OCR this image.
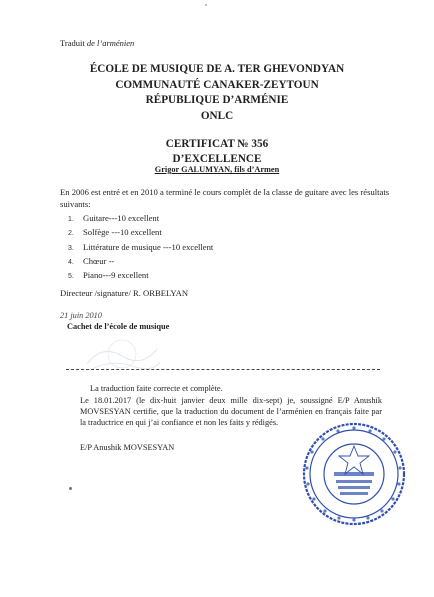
Traduit de l’arménien
ÉCOLE DE MUSIQUE DE A. TER GHEVONDYAN
COMMUNAUTÉ CANAKER-ZEYTOUN
RÉPUBLIQUE D’ARMÉNIE
ONLC
CERTIFICAT № 356
D’EXCELLENCE
Grigor GALUMYAN, fils d’Armen
En 2006 est entré et en 2010 a terminé le cours complèt de la classe de guitare avec les résultats suivants:
1. Guitare---10 excellent
2. Solfège ---10 excellent
3. Littérature de musique ---10 excellent
4. Chœur --
5. Piano---9 excellent
Directeur /signature/ R. ORBELYAN
21 juin 2010
Cachet de l’école de musique
La traduction faite correcte et complète.
Le 18.01.2017 (le dix-huit janvier deux mille dix-sept) je, soussigné E/P Anushik MOVSESYAN certifie, que la traduction du document de l’arménien en français faite par la traductrice en qui j’ai confiance et non les faits y rédigés.
E/P Anushik MOVSESYAN
